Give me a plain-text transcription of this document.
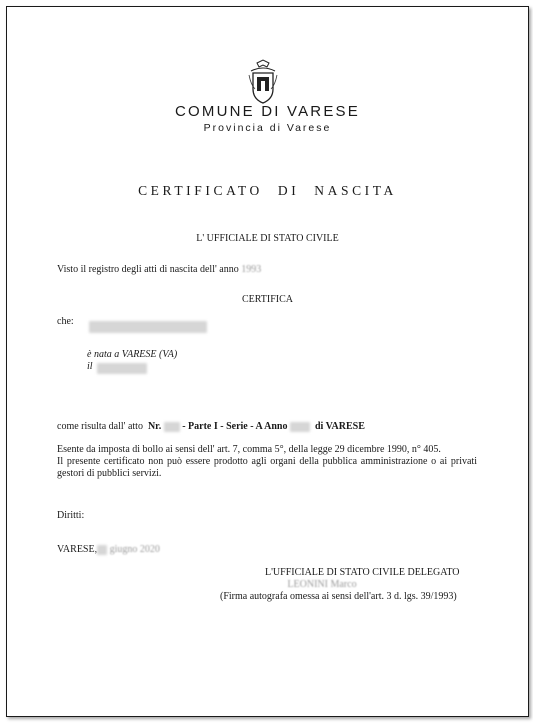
COMUNE DI VARESE
Provincia di Varese
CERTIFICATO DI NASCITA
L' UFFICIALE DI STATO CIVILE
Visto il registro degli atti di nascita dell' anno 1993
CERTIFICA
che:
è nata a VARESE (VA)
il
come risulta dall' atto Nr. - Parte I - Serie - A Anno	di VARESE
Esente da imposta di bollo ai sensi dell' art. 7, comma 5°, della legge 29 dicembre 1990, n° 405.
Il presente certificato non può essere prodotto agli organi della pubblica amministrazione o ai privati gestori di pubblici servizi.
Diritti:
VARESE, giugno 2020
L'UFFICIALE DI STATO CIVILE DELEGATO
LEONINI Marco
(Firma autografa omessa ai sensi dell'art. 3 d. lgs. 39/1993)
